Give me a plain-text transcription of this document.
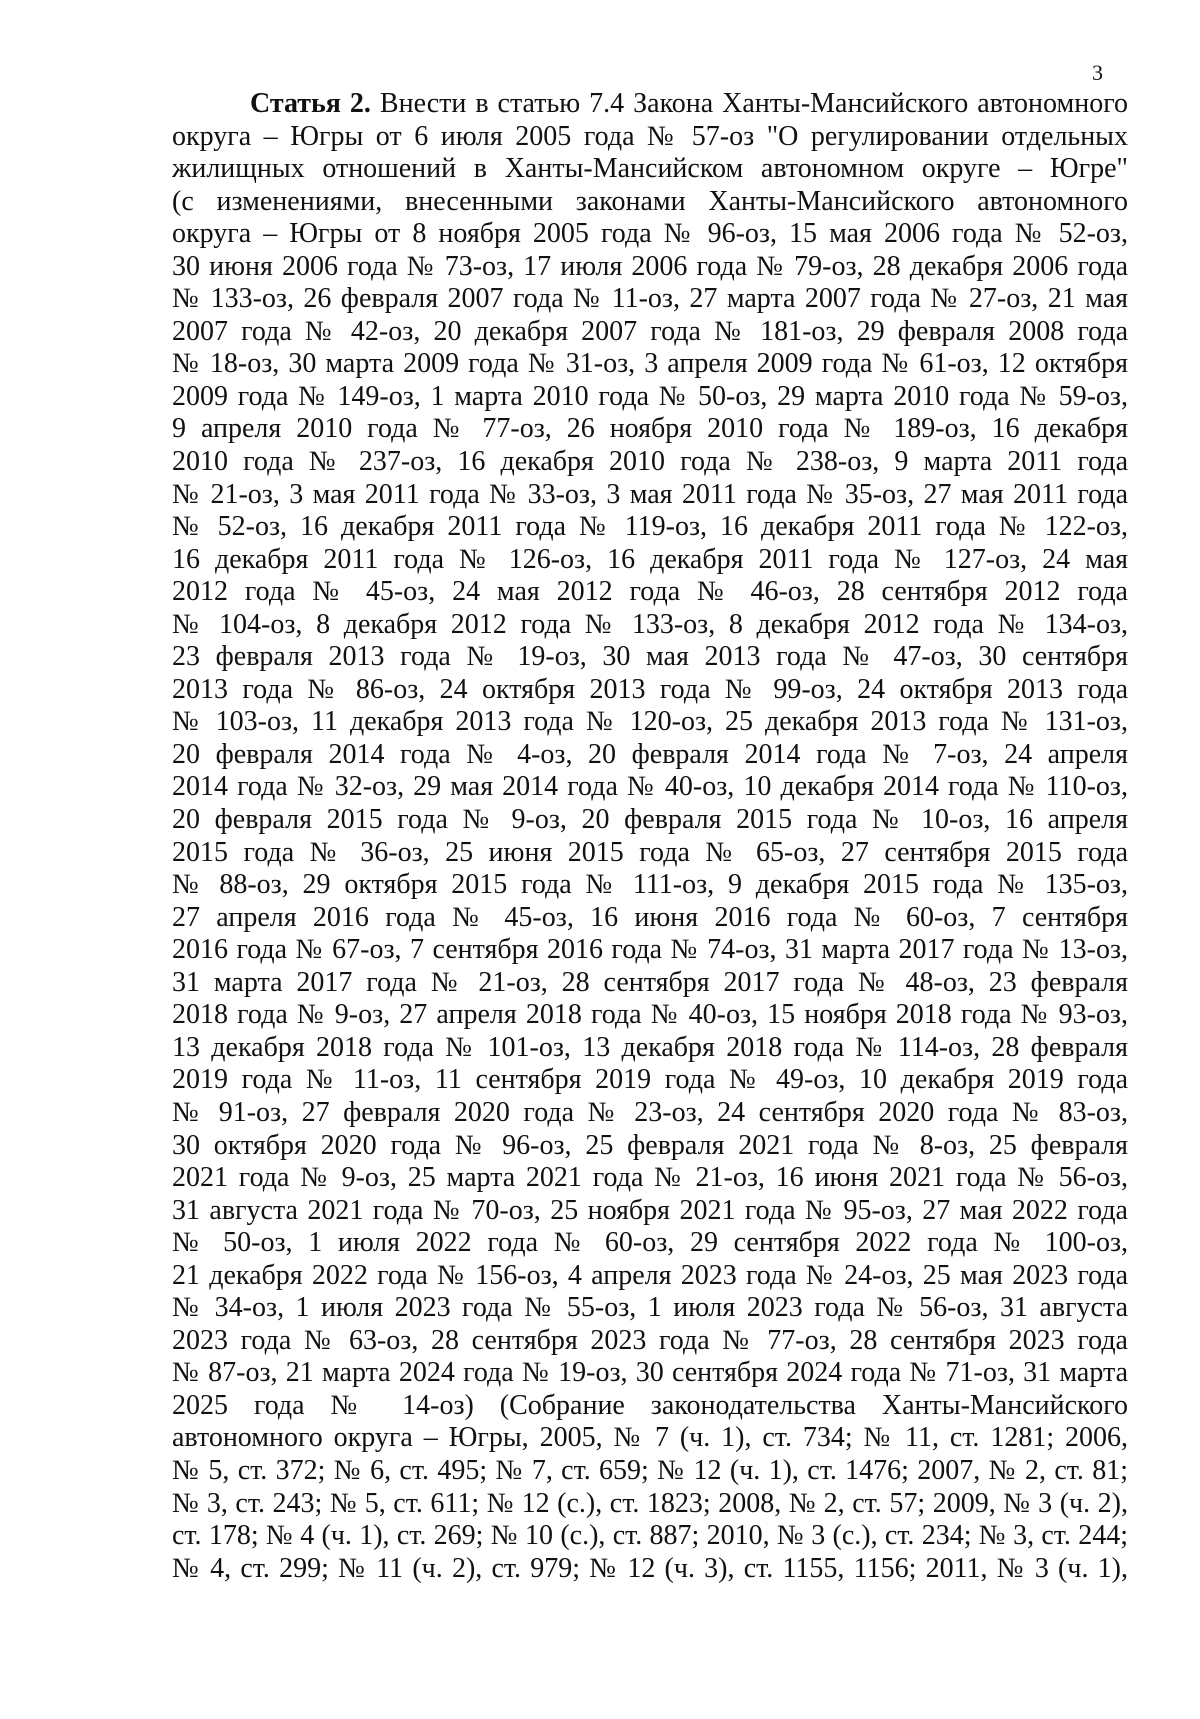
3
Статья 2. Внести в статью 7.4 Закона Ханты-Мансийского автономного
округа – Югры от 6 июля 2005 года № 57-оз "О регулировании отдельных
жилищных отношений в Ханты-Мансийском автономном округе – Югре"
(с изменениями, внесенными законами Ханты-Мансийского автономного
округа – Югры от 8 ноября 2005 года № 96-оз, 15 мая 2006 года № 52-оз,
30 июня 2006 года № 73-оз, 17 июля 2006 года № 79-оз, 28 декабря 2006 года
№ 133-оз, 26 февраля 2007 года № 11-оз, 27 марта 2007 года № 27-оз, 21 мая
2007 года № 42-оз, 20 декабря 2007 года № 181-оз, 29 февраля 2008 года
№ 18-оз, 30 марта 2009 года № 31-оз, 3 апреля 2009 года № 61-оз, 12 октября
2009 года № 149-оз, 1 марта 2010 года № 50-оз, 29 марта 2010 года № 59-оз,
9 апреля 2010 года № 77-оз, 26 ноября 2010 года № 189-оз, 16 декабря
2010 года № 237-оз, 16 декабря 2010 года № 238-оз, 9 марта 2011 года
№ 21-оз, 3 мая 2011 года № 33-оз, 3 мая 2011 года № 35-оз, 27 мая 2011 года
№ 52-оз, 16 декабря 2011 года № 119-оз, 16 декабря 2011 года № 122-оз,
16 декабря 2011 года № 126-оз, 16 декабря 2011 года № 127-оз, 24 мая
2012 года № 45-оз, 24 мая 2012 года № 46-оз, 28 сентября 2012 года
№ 104-оз, 8 декабря 2012 года № 133-оз, 8 декабря 2012 года № 134-оз,
23 февраля 2013 года № 19-оз, 30 мая 2013 года № 47-оз, 30 сентября
2013 года № 86-оз, 24 октября 2013 года № 99-оз, 24 октября 2013 года
№ 103-оз, 11 декабря 2013 года № 120-оз, 25 декабря 2013 года № 131-оз,
20 февраля 2014 года № 4-оз, 20 февраля 2014 года № 7-оз, 24 апреля
2014 года № 32-оз, 29 мая 2014 года № 40-оз, 10 декабря 2014 года № 110-оз,
20 февраля 2015 года № 9-оз, 20 февраля 2015 года № 10-оз, 16 апреля
2015 года № 36-оз, 25 июня 2015 года № 65-оз, 27 сентября 2015 года
№ 88-оз, 29 октября 2015 года № 111-оз, 9 декабря 2015 года № 135-оз,
27 апреля 2016 года № 45-оз, 16 июня 2016 года № 60-оз, 7 сентября
2016 года № 67-оз, 7 сентября 2016 года № 74-оз, 31 марта 2017 года № 13-оз,
31 марта 2017 года № 21-оз, 28 сентября 2017 года № 48-оз, 23 февраля
2018 года № 9-оз, 27 апреля 2018 года № 40-оз, 15 ноября 2018 года № 93-оз,
13 декабря 2018 года № 101-оз, 13 декабря 2018 года № 114-оз, 28 февраля
2019 года № 11-оз, 11 сентября 2019 года № 49-оз, 10 декабря 2019 года
№ 91-оз, 27 февраля 2020 года № 23-оз, 24 сентября 2020 года № 83-оз,
30 октября 2020 года № 96-оз, 25 февраля 2021 года № 8-оз, 25 февраля
2021 года № 9-оз, 25 марта 2021 года № 21-оз, 16 июня 2021 года № 56-оз,
31 августа 2021 года № 70-оз, 25 ноября 2021 года № 95-оз, 27 мая 2022 года
№ 50-оз, 1 июля 2022 года № 60-оз, 29 сентября 2022 года № 100-оз,
21 декабря 2022 года № 156-оз, 4 апреля 2023 года № 24-оз, 25 мая 2023 года
№ 34-оз, 1 июля 2023 года № 55-оз, 1 июля 2023 года № 56-оз, 31 августа
2023 года № 63-оз, 28 сентября 2023 года № 77-оз, 28 сентября 2023 года
№ 87-оз, 21 марта 2024 года № 19-оз, 30 сентября 2024 года № 71-оз, 31 марта
2025 года № 14-оз) (Собрание законодательства Ханты-Мансийского
автономного округа – Югры, 2005, № 7 (ч. 1), ст. 734; № 11, ст. 1281; 2006,
№ 5, ст. 372; № 6, ст. 495; № 7, ст. 659; № 12 (ч. 1), ст. 1476; 2007, № 2, ст. 81;
№ 3, ст. 243; № 5, ст. 611; № 12 (с.), ст. 1823; 2008, № 2, ст. 57; 2009, № 3 (ч. 2),
ст. 178; № 4 (ч. 1), ст. 269; № 10 (с.), ст. 887; 2010, № 3 (с.), ст. 234; № 3, ст. 244;
№ 4, ст. 299; № 11 (ч. 2), ст. 979; № 12 (ч. 3), ст. 1155, 1156; 2011, № 3 (ч. 1),
